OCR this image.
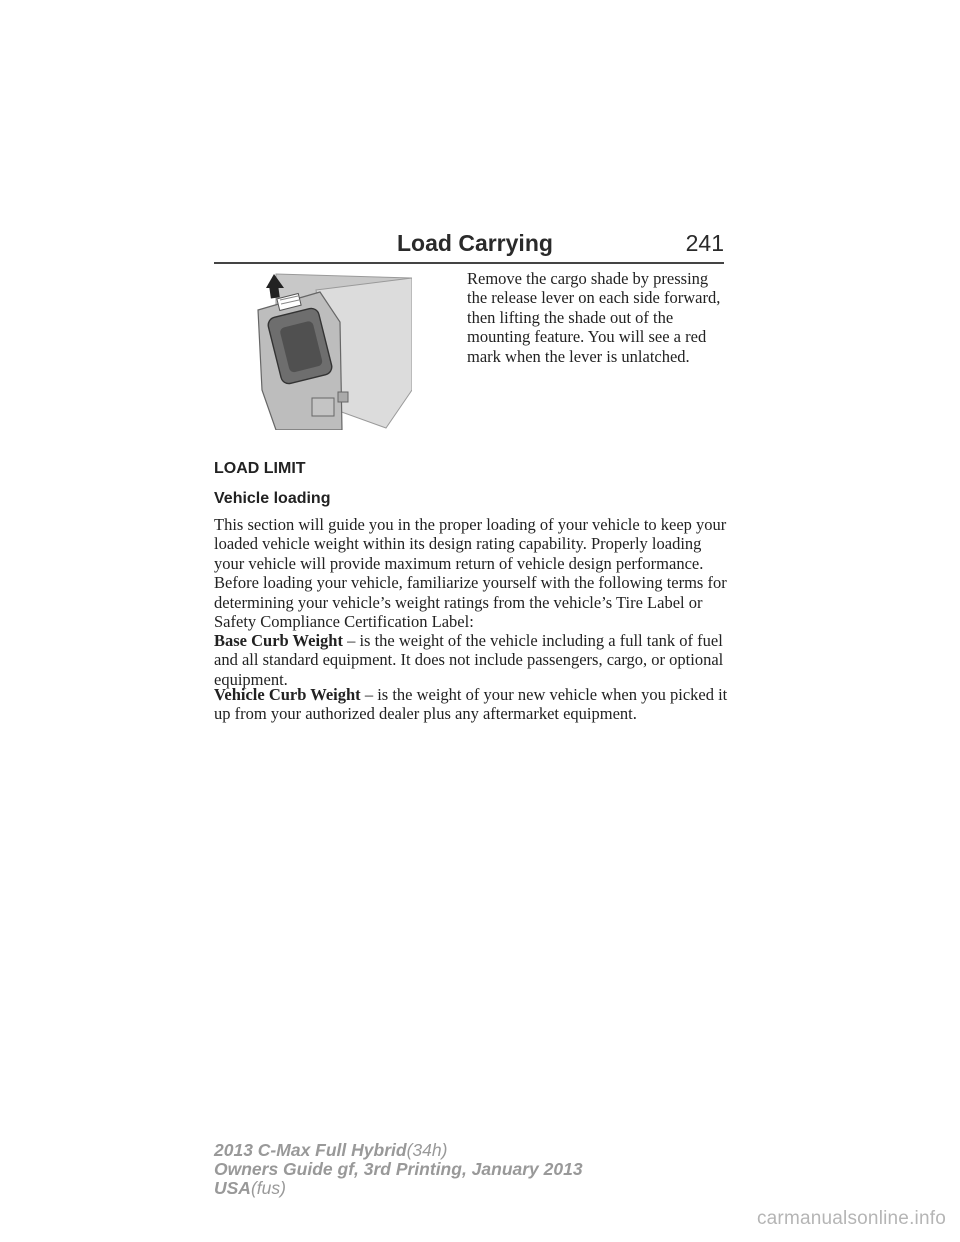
Load Carrying	241

Remove the cargo shade by pressing the release lever on each side forward, then lifting the shade out of the mounting feature. You will see a red mark when the lever is unlatched.

LOAD LIMIT
Vehicle loading

This section will guide you in the proper loading of your vehicle to keep your loaded vehicle weight within its design rating capability. Properly loading your vehicle will provide maximum return of vehicle design performance. Before loading your vehicle, familiarize yourself with the following terms for determining your vehicle’s weight ratings from the vehicle’s Tire Label or Safety Compliance Certification Label:

Base Curb Weight – is the weight of the vehicle including a full tank of fuel and all standard equipment. It does not include passengers, cargo, or optional equipment.

Vehicle Curb Weight – is the weight of your new vehicle when you picked it up from your authorized dealer plus any aftermarket equipment.

2013 C-Max Full Hybrid(34h)
Owners Guide gf, 3rd Printing, January 2013
USA(fus)
carmanualsonline.info
